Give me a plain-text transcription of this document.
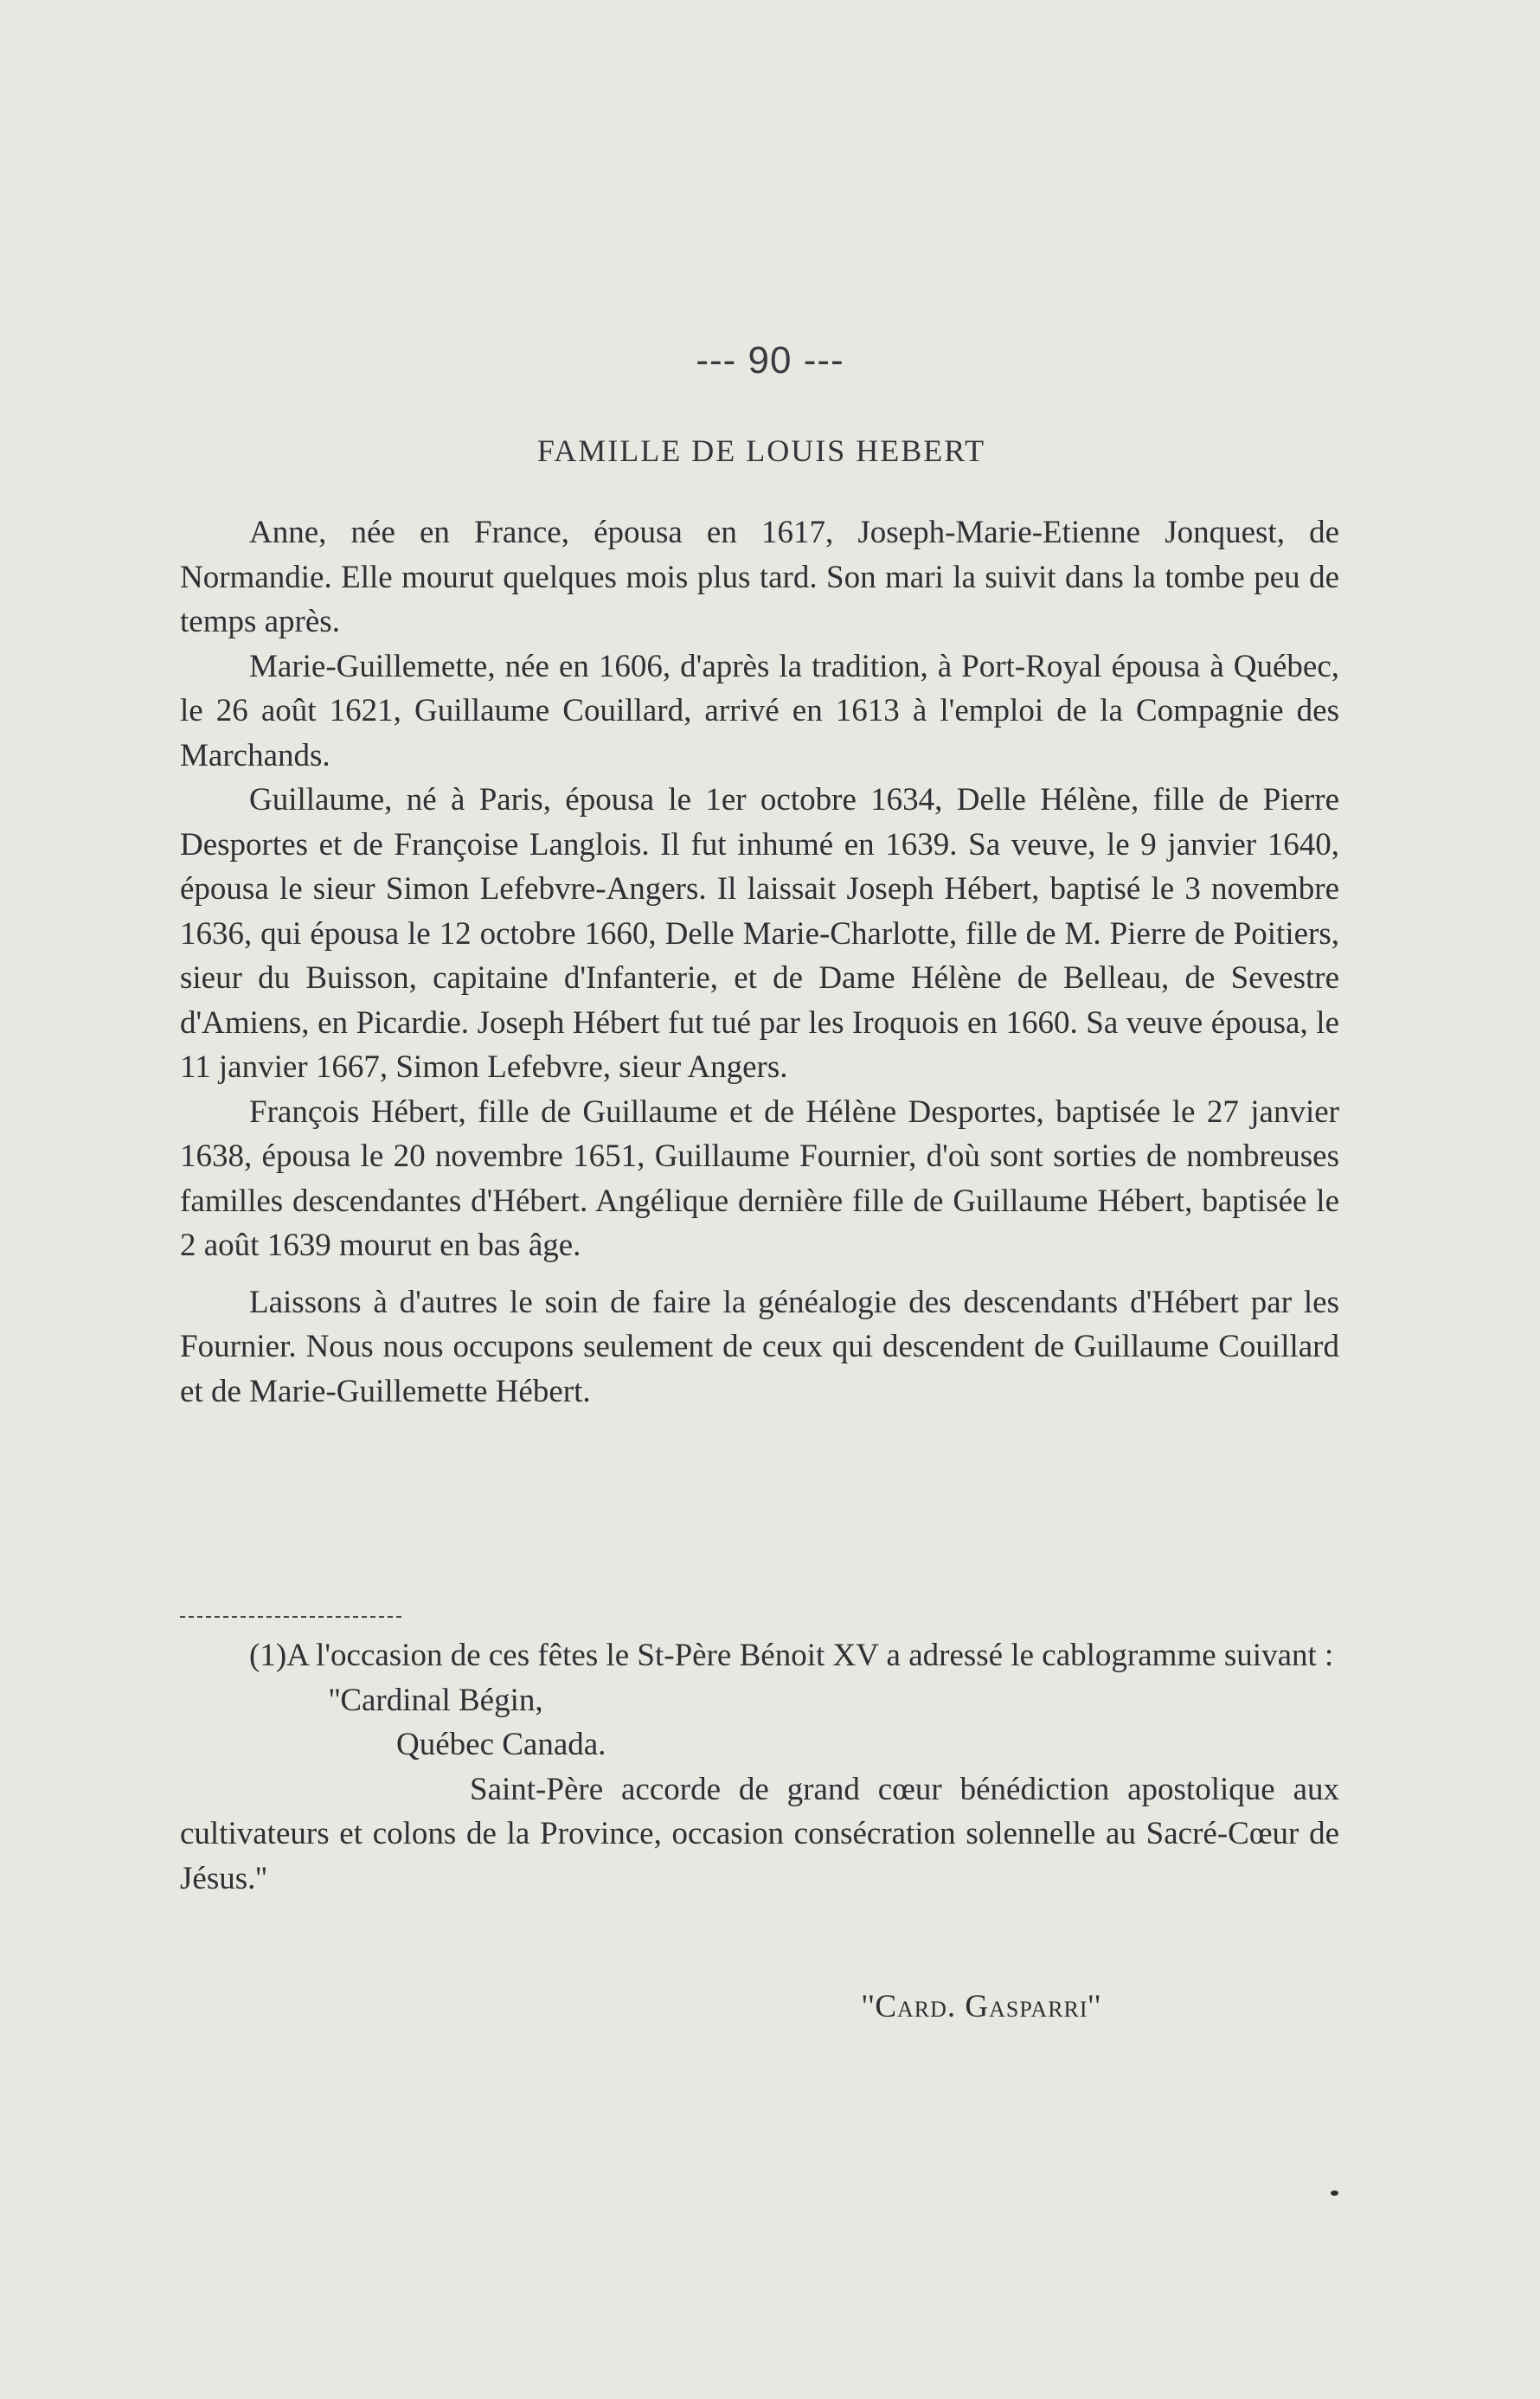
--- 90 ---
FAMILLE DE LOUIS HEBERT

Anne, née en France, épousa en 1617, Joseph-Marie-Etienne Jonquest, de Normandie. Elle mourut quelques mois plus tard. Son mari la suivit dans la tombe peu de temps après.

Marie-Guillemette, née en 1606, d'après la tradition, à Port-Royal épousa à Québec, le 26 août 1621, Guillaume Couillard, arrivé en 1613 à l'emploi de la Compagnie des Marchands.

Guillaume, né à Paris, épousa le 1er octobre 1634, Delle Hélène, fille de Pierre Desportes et de Françoise Langlois. Il fut inhumé en 1639. Sa veuve, le 9 janvier 1640, épousa le sieur Simon Lefebvre-Angers. Il laissait Joseph Hébert, baptisé le 3 novembre 1636, qui épousa le 12 octobre 1660, Delle Marie-Charlotte, fille de M. Pierre de Poitiers, sieur du Buisson, capitaine d'Infanterie, et de Dame Hélène de Belleau, de Sevestre d'Amiens, en Picardie. Joseph Hébert fut tué par les Iroquois en 1660. Sa veuve épousa, le 11 janvier 1667, Simon Lefebvre, sieur Angers.

François Hébert, fille de Guillaume et de Hélène Desportes, baptisée le 27 janvier 1638, épousa le 20 novembre 1651, Guillaume Fournier, d'où sont sorties de nombreuses familles descendantes d'Hébert. Angélique dernière fille de Guillaume Hébert, baptisée le 2 août 1639 mourut en bas âge.

Laissons à d'autres le soin de faire la généalogie des descendants d'Hébert par les Fournier. Nous nous occupons seulement de ceux qui descendent de Guillaume Couillard et de Marie-Guillemette Hébert.

(1)A l'occasion de ces fêtes le St-Père Bénoit XV a adressé le cablogramme suivant :

''Cardinal Bégin,

Québec Canada.

Saint-Père accorde de grand cœur bénédiction apostolique aux cultivateurs et colons de la Province, occasion consécration solennelle au Sacré-Cœur de Jésus.''

''Card. Gasparri''
